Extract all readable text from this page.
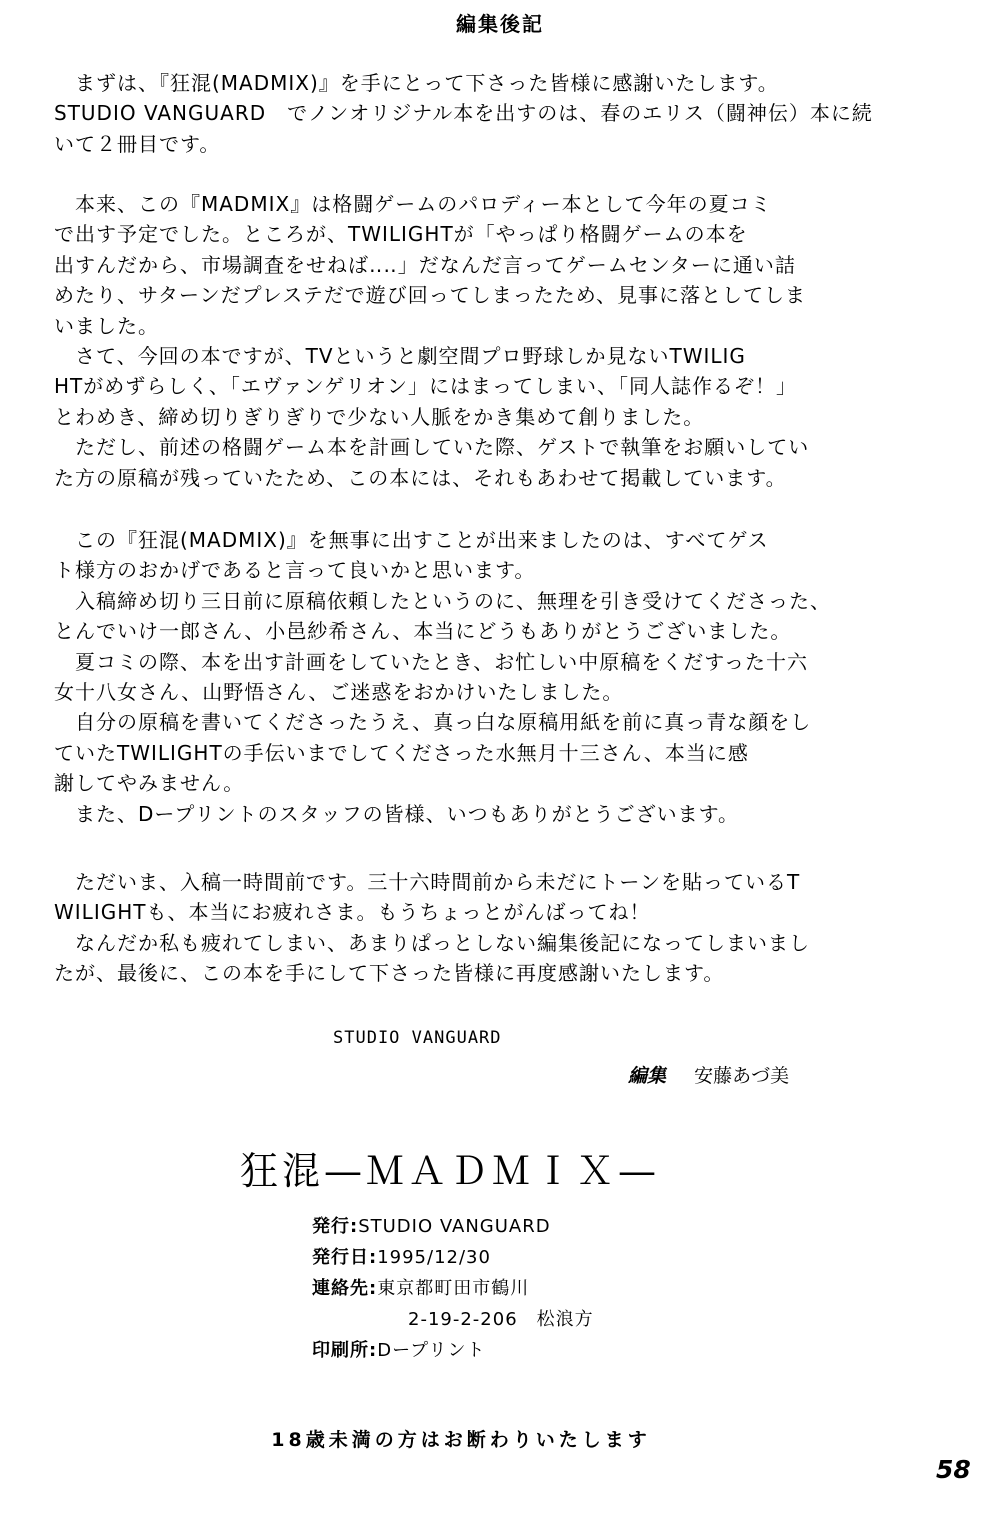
編集後記
　まずは、『狂混(MADMIX)』を手にとって下さった皆様に感謝いたします。
STUDIO VANGUARD　でノンオリジナル本を出すのは、春のエリス（闘神伝）本に続
いて２冊目です。
　本来、この『MADMIX』は格闘ゲームのパロディー本として今年の夏コミ
で出す予定でした。ところが、TWILIGHTが「やっぱり格闘ゲームの本を
出すんだから、市場調査をせねば‥‥」だなんだ言ってゲームセンターに通い詰
めたり、サターンだプレステだで遊び回ってしまったため、見事に落としてしま
いました。
　さて、今回の本ですが、TVというと劇空間プロ野球しか見ないTWILIG
HTがめずらしく、「エヴァンゲリオン」にはまってしまい、「同人誌作るぞ！」
とわめき、締め切りぎりぎりで少ない人脈をかき集めて創りました。
　ただし、前述の格闘ゲーム本を計画していた際、ゲストで執筆をお願いしてい
た方の原稿が残っていたため、この本には、それもあわせて掲載しています。
　この『狂混(MADMIX)』を無事に出すことが出来ましたのは、すべてゲス
ト様方のおかげであると言って良いかと思います。
　入稿締め切り三日前に原稿依頼したというのに、無理を引き受けてくださった、
とんでいけ一郎さん、小邑紗希さん、本当にどうもありがとうございました。
　夏コミの際、本を出す計画をしていたとき、お忙しい中原稿をくだすった十六
女十八女さん、山野悟さん、ご迷惑をおかけいたしました。
　自分の原稿を書いてくださったうえ、真っ白な原稿用紙を前に真っ青な顔をし
ていたTWILIGHTの手伝いまでしてくださった水無月十三さん、本当に感
謝してやみません。
　また、Dープリントのスタッフの皆様、いつもありがとうございます。
　ただいま、入稿一時間前です。三十六時間前から未だにトーンを貼っているT
WILIGHTも、本当にお疲れさま。もうちょっとがんばってね！
　なんだか私も疲れてしまい、あまりぱっとしない編集後記になってしまいまし
たが、最後に、この本を手にして下さった皆様に再度感謝いたします。
STUDIO VANGUARD
編集 安藤あづ美
狂混—ＭＡＤＭＩＸ—
発行:STUDIO VANGUARD
発行日:1995/12/30
連絡先:東京都町田市鶴川
2-19-2-206　松浪方
印刷所:Dープリント
18歳未満の方はお断わりいたします
58
